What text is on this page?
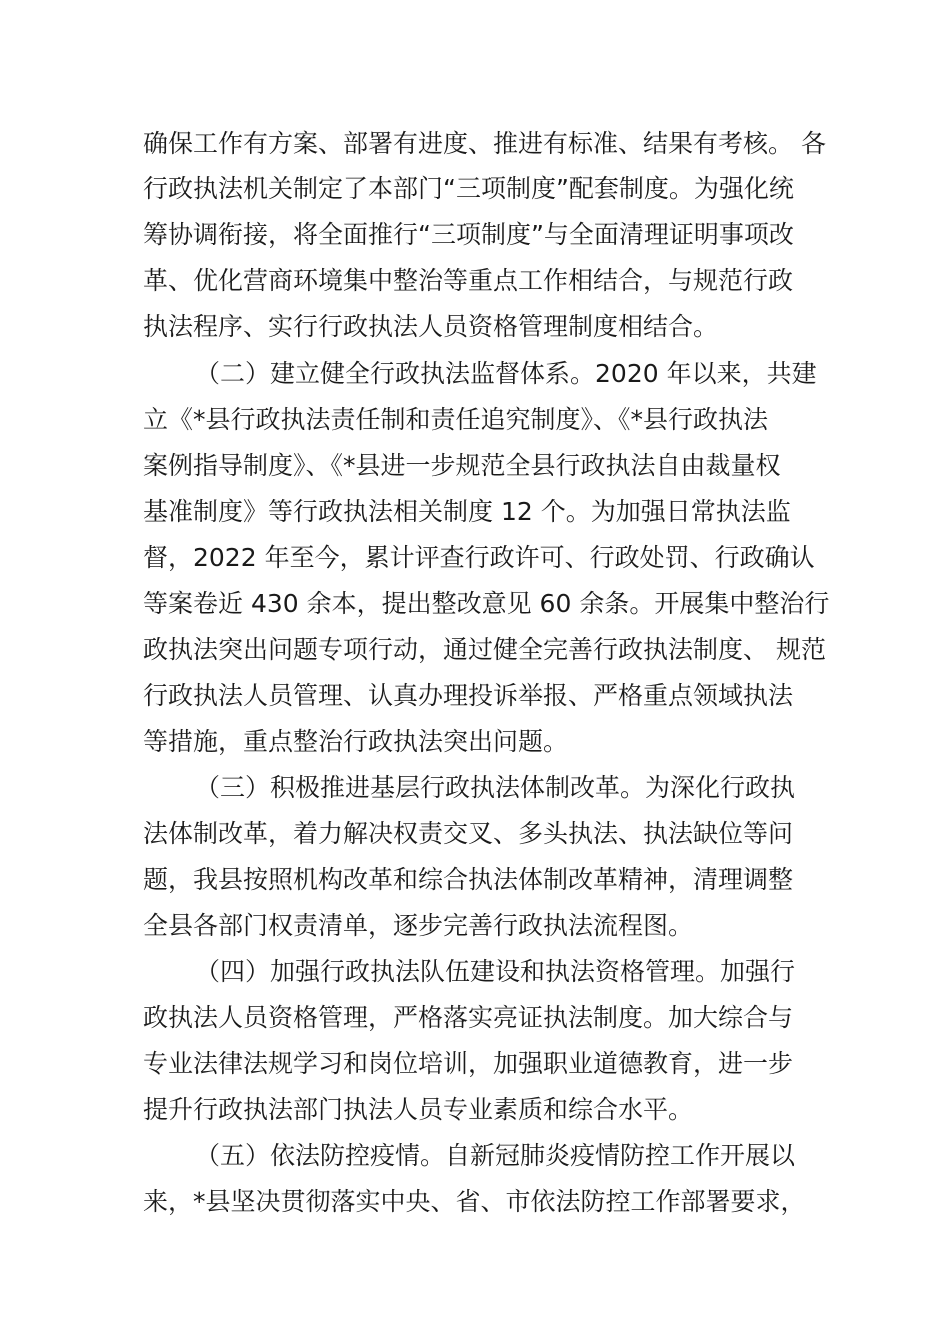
确保工作有方案、部署有进度、推进有标准、结果有考核。 各
行政执法机关制定了本部门“三项制度”配套制度。为强化统
筹协调衔接，将全面推行“三项制度”与全面清理证明事项改
革、优化营商环境集中整治等重点工作相结合，与规范行政
执法程序、实行行政执法人员资格管理制度相结合。
（二）建立健全行政执法监督体系。2020 年以来，共建
立《*县行政执法责任制和责任追究制度》、《*县行政执法
案例指导制度》、《*县进一步规范全县行政执法自由裁量权
基准制度》等行政执法相关制度 12 个。为加强日常执法监
督，2022 年至今，累计评查行政许可、行政处罚、行政确认
等案卷近 430 余本，提出整改意见 60 余条。开展集中整治行
政执法突出问题专项行动，通过健全完善行政执法制度、 规范
行政执法人员管理、认真办理投诉举报、严格重点领域执法
等措施，重点整治行政执法突出问题。
（三）积极推进基层行政执法体制改革。为深化行政执
法体制改革，着力解决权责交叉、多头执法、执法缺位等问
题，我县按照机构改革和综合执法体制改革精神，清理调整
全县各部门权责清单，逐步完善行政执法流程图。
（四）加强行政执法队伍建设和执法资格管理。加强行
政执法人员资格管理，严格落实亮证执法制度。加大综合与
专业法律法规学习和岗位培训，加强职业道德教育，进一步
提升行政执法部门执法人员专业素质和综合水平。
（五）依法防控疫情。自新冠肺炎疫情防控工作开展以
来，*县坚决贯彻落实中央、省、市依法防控工作部署要求，
